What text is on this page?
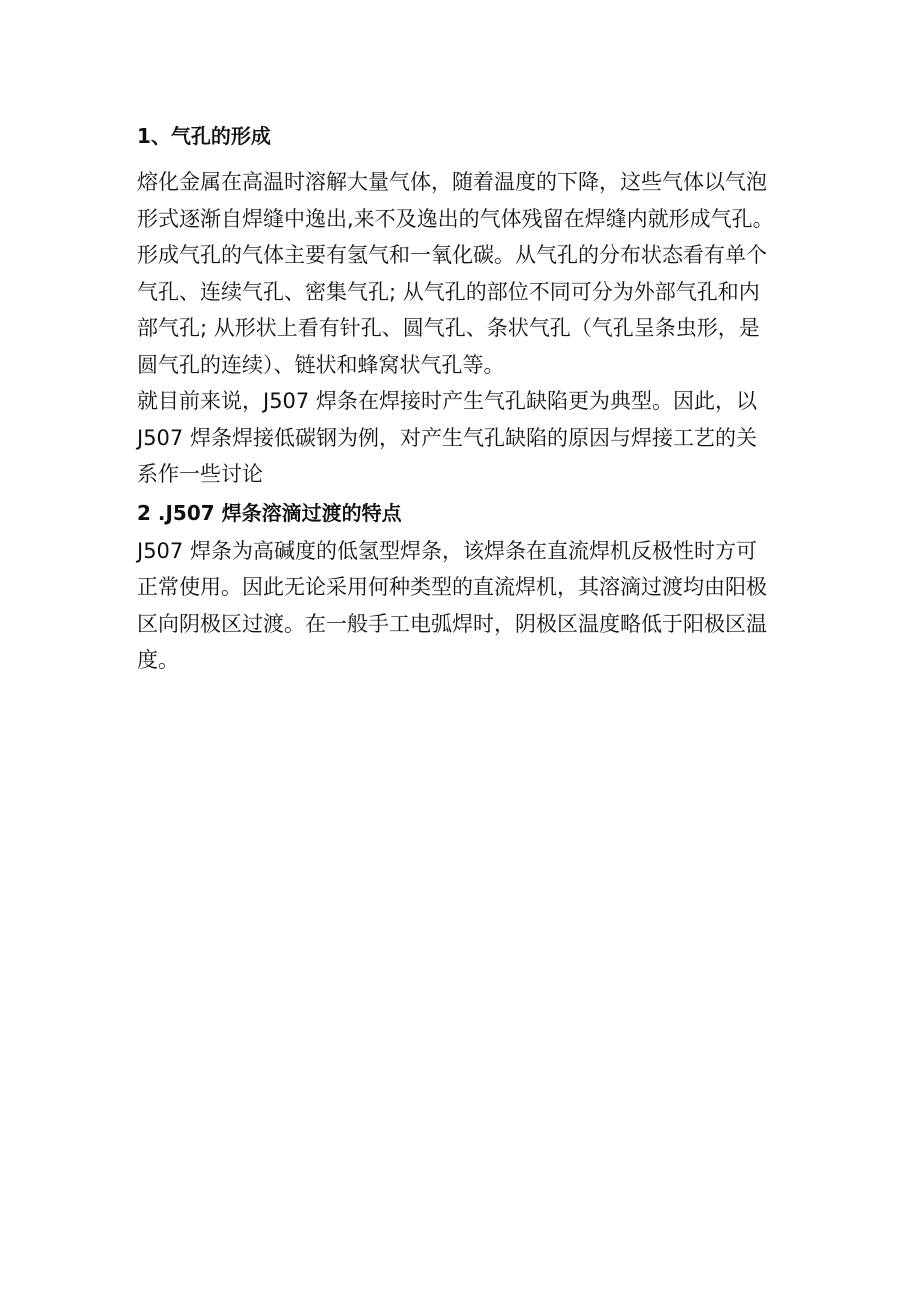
1、气孔的形成

熔化金属在高温时溶解大量气体，随着温度的下降，这些气体以气泡
形式逐渐自焊缝中逸出,来不及逸出的气体残留在焊缝内就形成气孔。
形成气孔的气体主要有氢气和一氧化碳。从气孔的分布状态看有单个
气孔、连续气孔、密集气孔; 从气孔的部位不同可分为外部气孔和内
部气孔; 从形状上看有针孔、圆气孔、条状气孔（气孔呈条虫形，是
圆气孔的连续）、链状和蜂窝状气孔等。

就目前来说，J507 焊条在焊接时产生气孔缺陷更为典型。因此，以
J507 焊条焊接低碳钢为例，对产生气孔缺陷的原因与焊接工艺的关
系作一些讨论

2 .J507 焊条溶滴过渡的特点

J507 焊条为高碱度的低氢型焊条，该焊条在直流焊机反极性时方可
正常使用。因此无论采用何种类型的直流焊机，其溶滴过渡均由阳极
区向阴极区过渡。在一般手工电弧焊时，阴极区温度略低于阳极区温
度。
